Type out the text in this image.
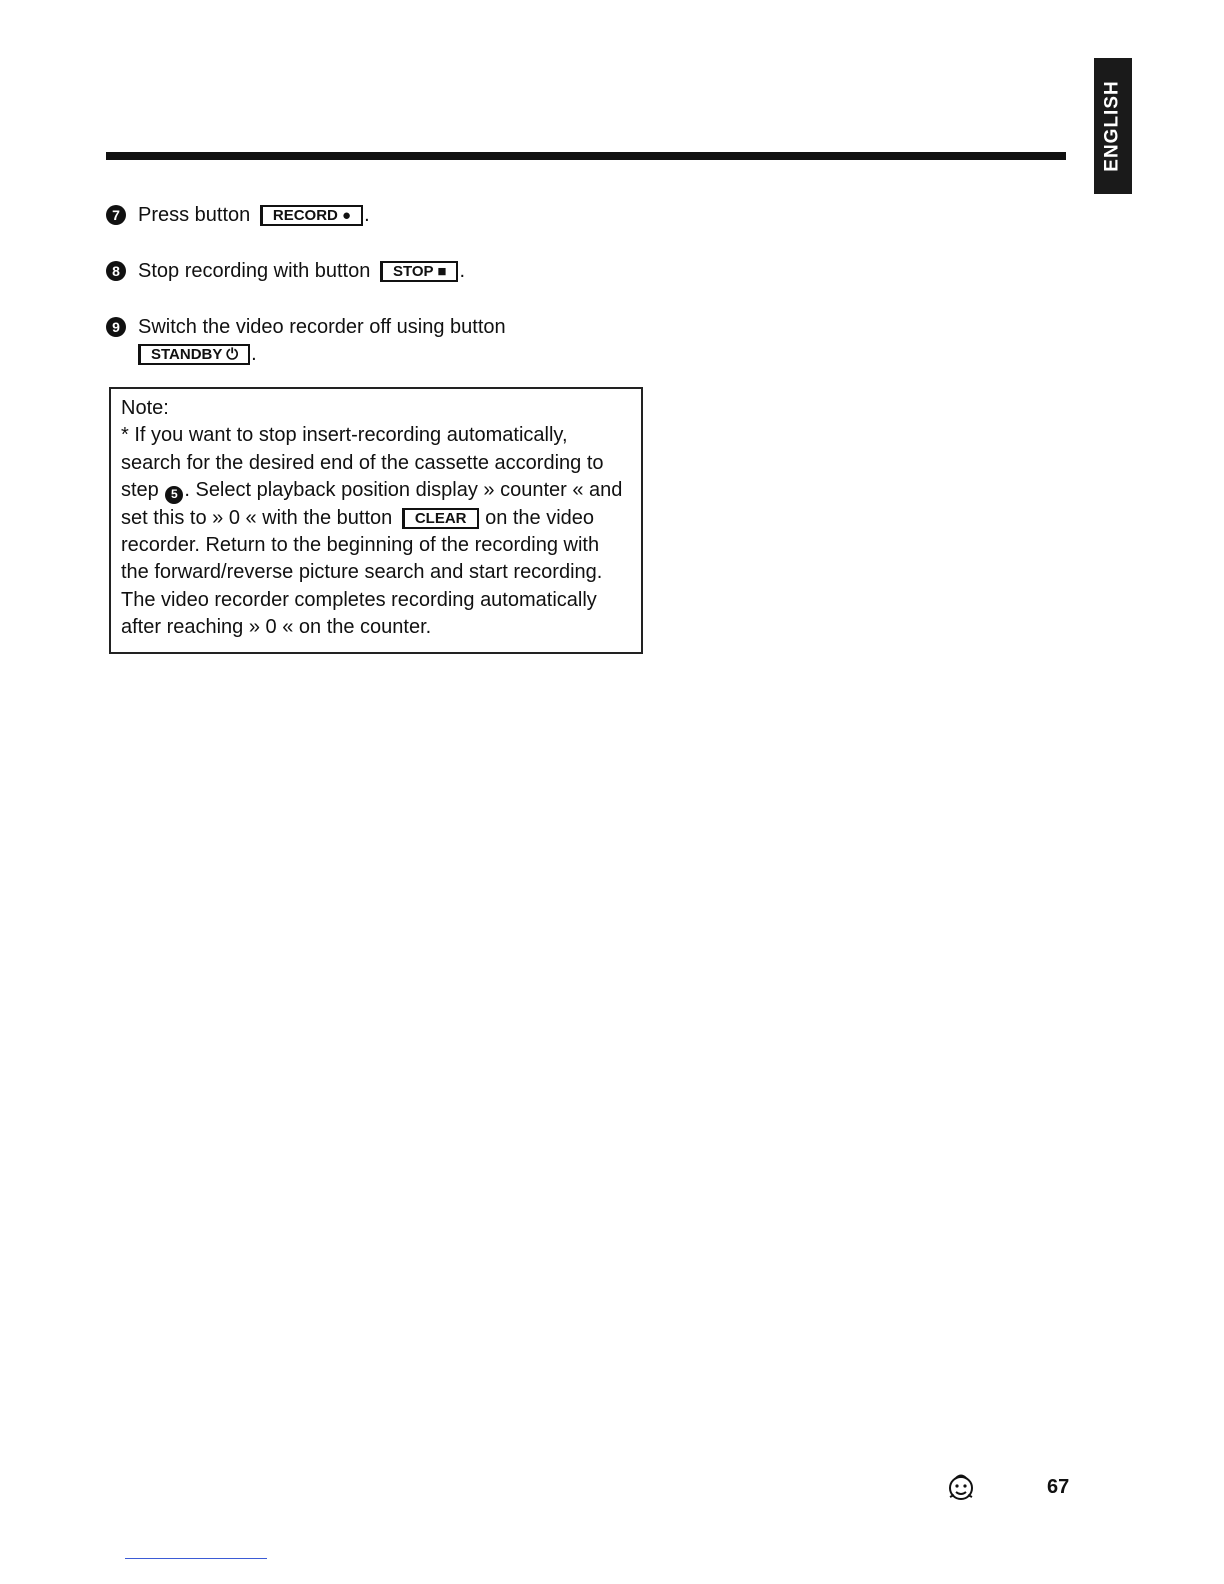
ENGLISH
7 Press button RECORD ● .
8 Stop recording with button STOP ■ .
9 Switch the video recorder off using button
STANDBY ⏻ .

Note:

* If you want to stop insert-recording automatically, search for the desired end of the cassette according to step 5 . Select playback position display » counter « and set this to » 0 « with the button CLEAR on the video recorder. Return to the beginning of the recording with the forward/reverse picture search and start recording. The video recorder completes recording automatically after reaching » 0 « on the counter.

67
